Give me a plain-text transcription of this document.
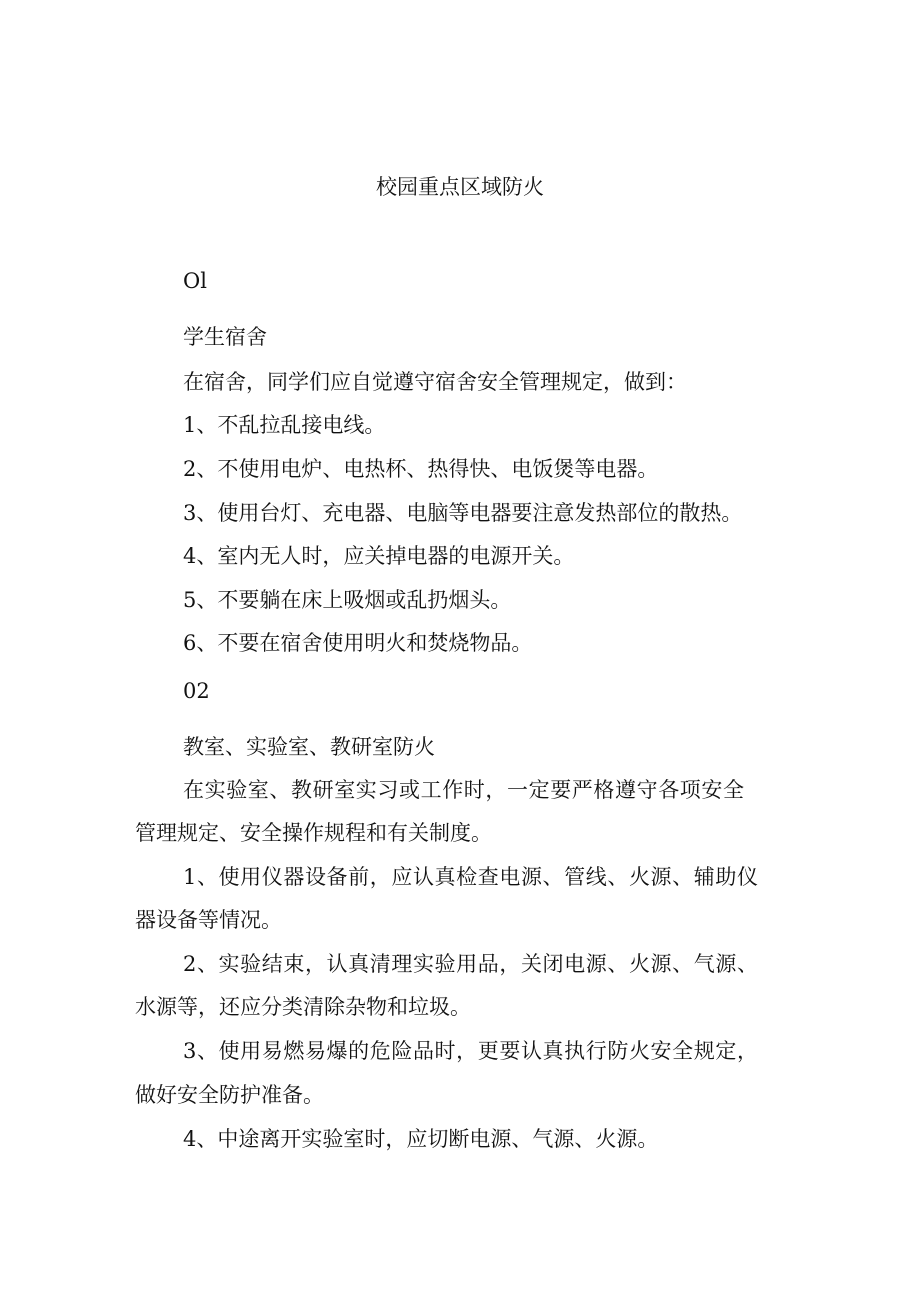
校园重点区域防火

Ol

学生宿舍

在宿舍，同学们应自觉遵守宿舍安全管理规定，做到：

1、不乱拉乱接电线。

2、不使用电炉、电热杯、热得快、电饭煲等电器。

3、使用台灯、充电器、电脑等电器要注意发热部位的散热。

4、室内无人时，应关掉电器的电源开关。

5、不要躺在床上吸烟或乱扔烟头。

6、不要在宿舍使用明火和焚烧物品。

02

教室、实验室、教研室防火

在实验室、教研室实习或工作时，一定要严格遵守各项安全

管理规定、安全操作规程和有关制度。

1、使用仪器设备前，应认真检查电源、管线、火源、辅助仪

器设备等情况。

2、实验结束，认真清理实验用品，关闭电源、火源、气源、

水源等，还应分类清除杂物和垃圾。

3、使用易燃易爆的危险品时，更要认真执行防火安全规定，

做好安全防护准备。

4、中途离开实验室时，应切断电源、气源、火源。
